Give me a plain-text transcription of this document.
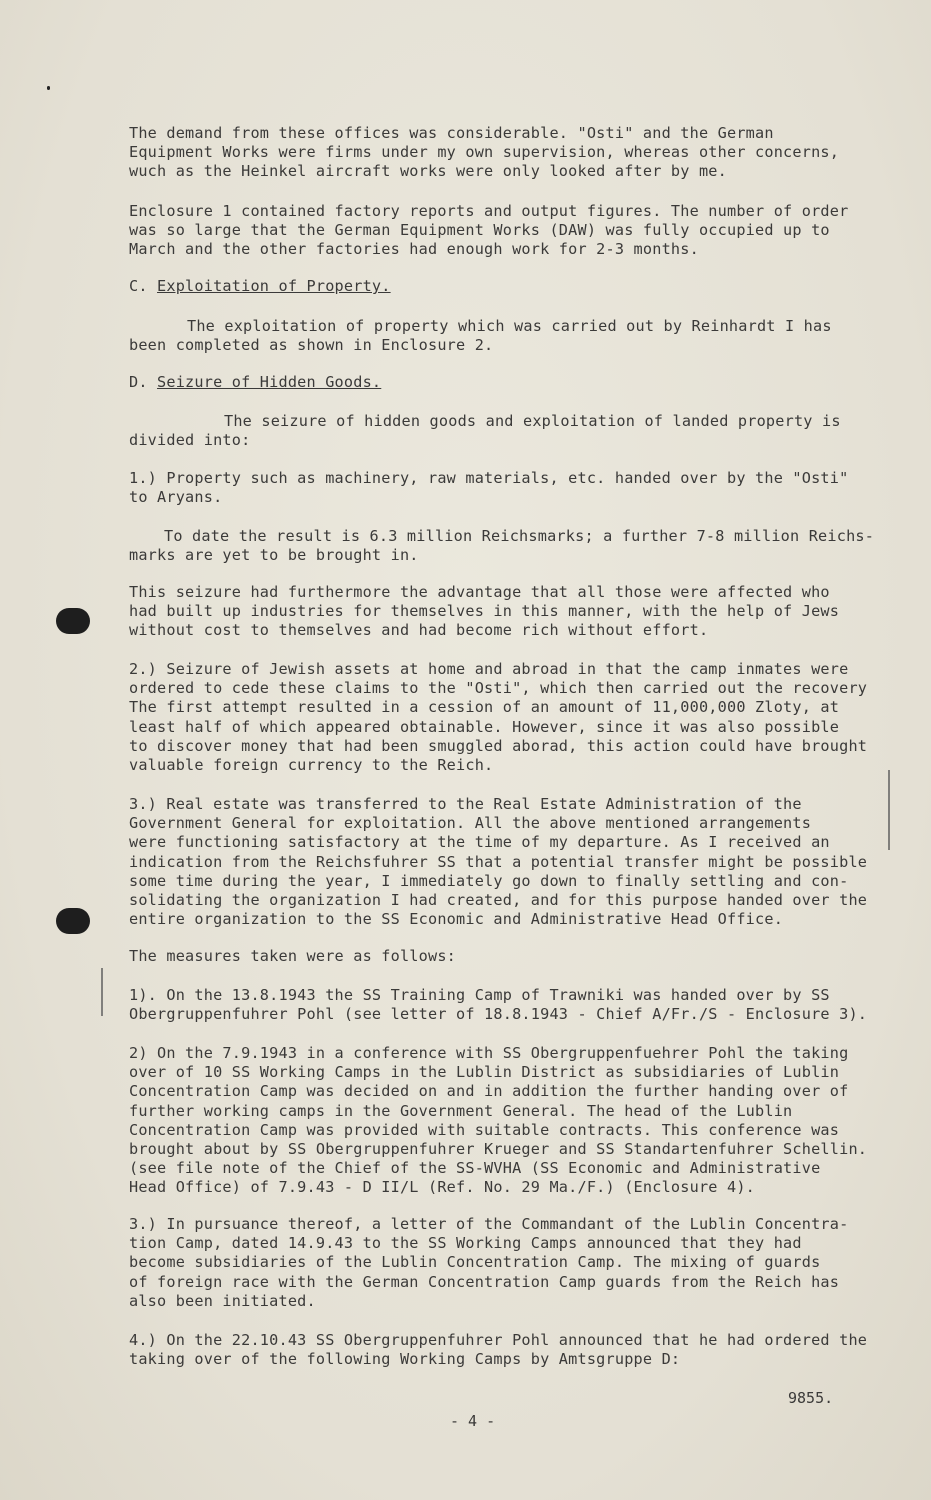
The demand from these offices was considerable. "Osti" and the German
Equipment Works were firms under my own supervision, whereas other concerns,
wuch as the Heinkel aircraft works were only looked after by me.

Enclosure 1 contained factory reports and output figures. The number of order
was so large that the German Equipment Works (DAW) was fully occupied up to
March and the other factories had enough work for 2-3 months.

C. Exploitation of Property.

The exploitation of property which was carried out by Reinhardt I has
been completed as shown in Enclosure 2.

D. Seizure of Hidden Goods.

The seizure of hidden goods and exploitation of landed property is
divided into:

1.) Property such as machinery, raw materials, etc. handed over by the "Osti"
to Aryans.

To date the result is 6.3 million Reichsmarks; a further 7-8 million Reichs-
marks are yet to be brought in.

This seizure had furthermore the advantage that all those were affected who
had built up industries for themselves in this manner, with the help of Jews
without cost to themselves and had become rich without effort.

2.) Seizure of Jewish assets at home and abroad in that the camp inmates were
ordered to cede these claims to the "Osti", which then carried out the recovery
The first attempt resulted in a cession of an amount of 11,000,000 Zloty, at
least half of which appeared obtainable. However, since it was also possible
to discover money that had been smuggled aborad, this action could have brought
valuable foreign currency to the Reich.

3.) Real estate was transferred to the Real Estate Administration of the
Government General for exploitation. All the above mentioned arrangements
were functioning satisfactory at the time of my departure. As I received an
indication from the Reichsfuhrer SS that a potential transfer might be possible
some time during the year, I immediately go down to finally settling and con-
solidating the organization I had created, and for this purpose handed over the
entire organization to the SS Economic and Administrative Head Office.

The measures taken were as follows:

1). On the 13.8.1943 the SS Training Camp of Trawniki was handed over by SS
Obergruppenfuhrer Pohl (see letter of 18.8.1943 - Chief A/Fr./S - Enclosure 3).

2) On the 7.9.1943 in a conference with SS Obergruppenfuehrer Pohl the taking
over of 10 SS Working Camps in the Lublin District as subsidiaries of Lublin
Concentration Camp was decided on and in addition the further handing over of
further working camps in the Government General. The head of the Lublin
Concentration Camp was provided with suitable contracts. This conference was
brought about by SS Obergruppenfuhrer Krueger and SS Standartenfuhrer Schellin.
(see file note of the Chief of the SS-WVHA (SS Economic and Administrative
Head Office) of 7.9.43 - D II/L (Ref. No. 29 Ma./F.) (Enclosure 4).

3.) In pursuance thereof, a letter of the Commandant of the Lublin Concentra-
tion Camp, dated 14.9.43 to the SS Working Camps announced that they had
become subsidiaries of the Lublin Concentration Camp. The mixing of guards
of foreign race with the German Concentration Camp guards from the Reich has
also been initiated.

4.) On the 22.10.43 SS Obergruppenfuhrer Pohl announced that he had ordered the
taking over of the following Working Camps by Amtsgruppe D:

9855.

- 4 -
